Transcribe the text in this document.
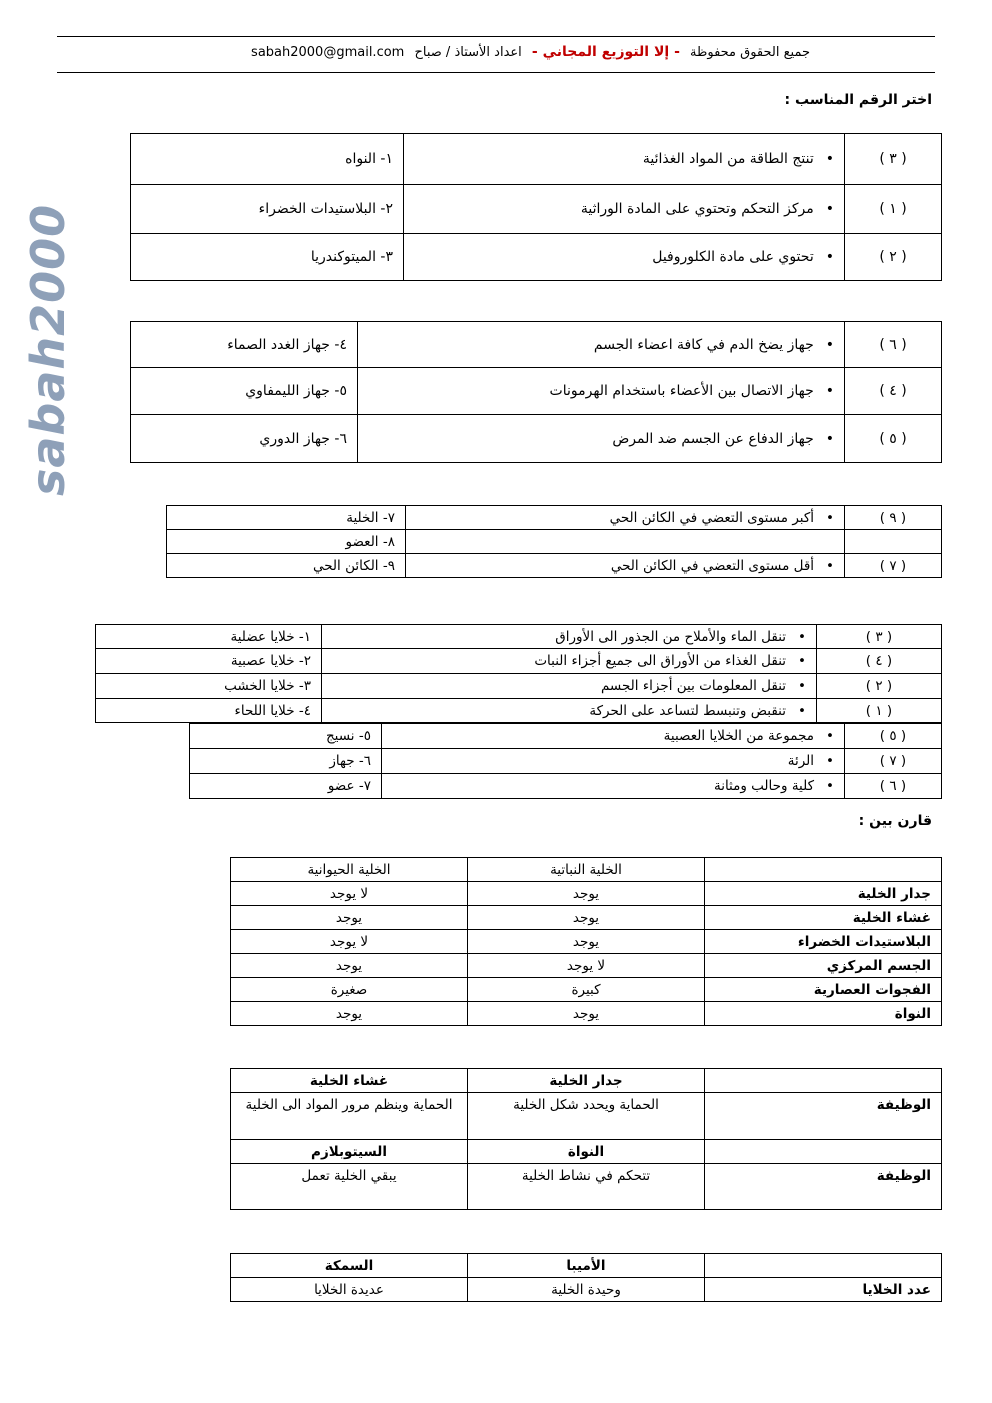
جميع الحقوق محفوظة - إلا التوزيع المجاني - اعداد الأستاذ / صباح sabah2000@gmail.com
sabah2000
اختر الرقم المناسب :
( ٣ )	• تنتج الطاقة من المواد الغذائية	١- النواه
( ١ )	• مركز التحكم وتحتوي على المادة الوراثية	٢- البلاستيدات الخضراء
( ٢ )	• تحتوي على مادة الكلوروفيل	٣- الميتوكندريا
( ٦ )	• جهاز يضخ الدم في كافة اعضاء الجسم	٤- جهاز الغدد الصماء
( ٤ )	• جهاز الاتصال بين الأعضاء باستخدام الهرمونات	٥- جهاز الليمفاوي
( ٥ )	• جهاز الدفاع عن الجسم ضد المرض	٦- جهاز الدوري
( ٩ )	• أكبر مستوى التعضي في الكائن الحي	٧- الخلية
		٨- العضو
( ٧ )	• أقل مستوى التعضي في الكائن الحي	٩- الكائن الحي
( ٣ )	• تنقل الماء والأملاح من الجذور الى الأوراق	١- خلايا عضلية
( ٤ )	• تنقل الغذاء من الأوراق الى جميع أجزاء النبات	٢- خلايا عصبية
( ٢ )	• تنقل المعلومات بين أجزاء الجسم	٣- خلايا الخشب
( ١ )	• تنقبض وتنبسط لتساعد على الحركة	٤- خلايا اللحاء
( ٥ )	• مجموعة من الخلايا العصبية	٥- نسيج
( ٧ )	• الرئة	٦- جهاز
( ٦ )	• كلية وحالب ومثانة	٧- عضو
قارن بين :
	الخلية النباتية	الخلية الحيوانية
جدار الخلية	يوجد	لا يوجد
غشاء الخلية	يوجد	يوجد
البلاستيدات الخضراء	يوجد	لا يوجد
الجسم المركزي	لا يوجد	يوجد
الفجوات العصارية	كبيرة	صغيرة
النواة	يوجد	يوجد
	جدار الخلية	غشاء الخلية
الوظيفة	الحماية ويحدد شكل الخلية	الحماية وينظم مرور المواد الى الخلية
	النواة	السيتوبلازم
الوظيفة	تتحكم في نشاط الخلية	يبقي الخلية تعمل
	الأميبا	السمكة
عدد الخلايا	وحيدة الخلية	عديدة الخلايا
